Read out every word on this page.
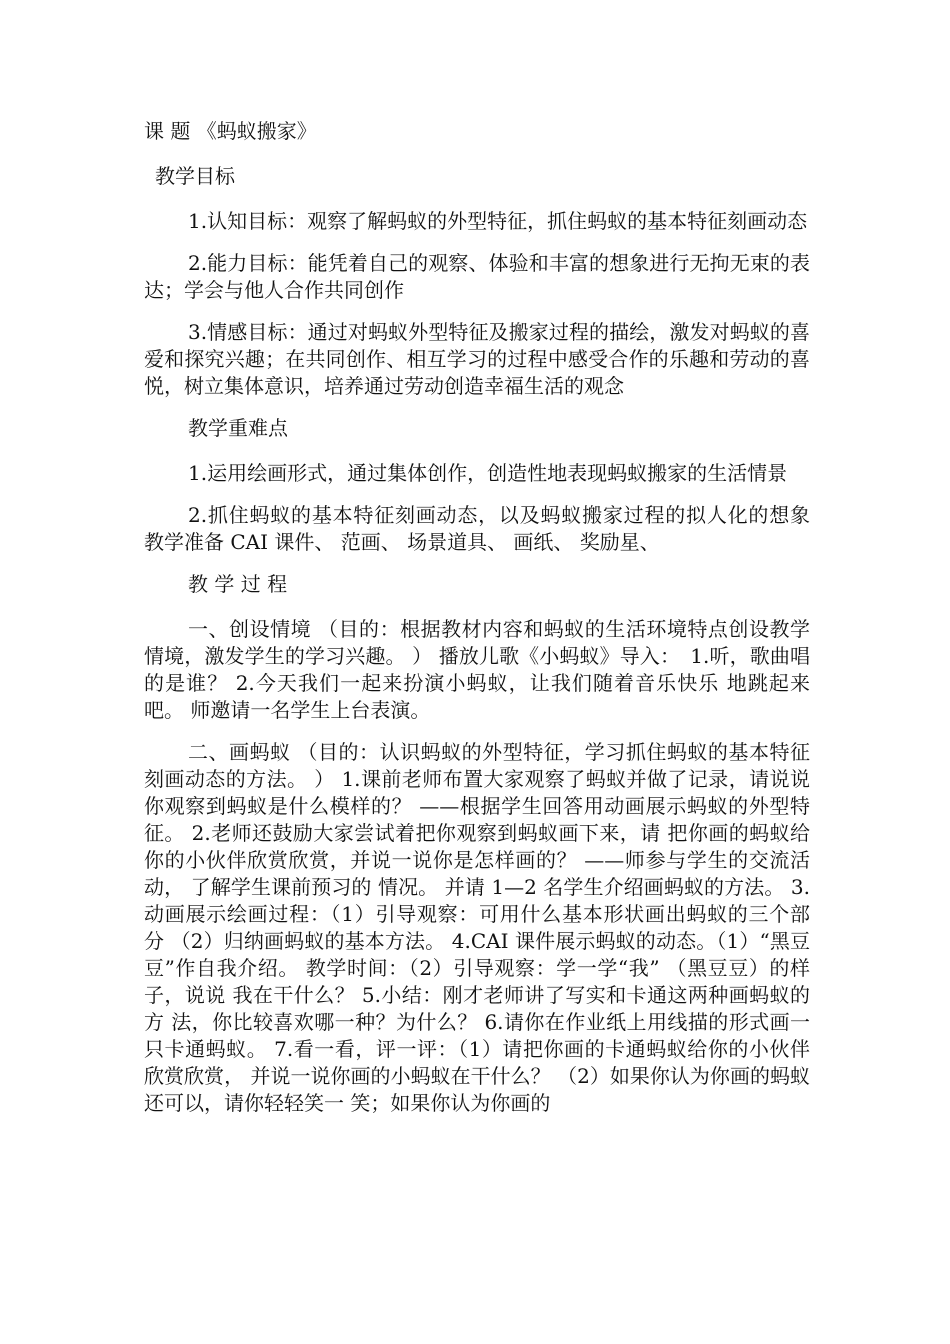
课 题 《蚂蚁搬家》

教学目标

1.认知目标：观察了解蚂蚁的外型特征，抓住蚂蚁的基本特征刻画动态

2.能力目标：能凭着自己的观察、体验和丰富的想象进行无拘无束的表达；学会与他人合作共同创作

3.情感目标：通过对蚂蚁外型特征及搬家过程的描绘，激发对蚂蚁的喜爱和探究兴趣；在共同创作、相互学习的过程中感受合作的乐趣和劳动的喜悦，树立集体意识，培养通过劳动创造幸福生活的观念

教学重难点

1.运用绘画形式，通过集体创作，创造性地表现蚂蚁搬家的生活情景

2.抓住蚂蚁的基本特征刻画动态，以及蚂蚁搬家过程的拟人化的想象 教学准备 CAI 课件、 范画、 场景道具、 画纸、 奖励星、

教 学 过 程

一、创设情境 （目的：根据教材内容和蚂蚁的生活环境特点创设教学情境，激发学生的学习兴趣。 ） 播放儿歌《小蚂蚁》导入：　1.听，歌曲唱的是谁？ 2.今天我们一起来扮演小蚂蚁，让我们随着音乐快乐 地跳起来吧。 师邀请一名学生上台表演。

二、画蚂蚁 （目的：认识蚂蚁的外型特征，学习抓住蚂蚁的基本特征刻画动态的方法。 ） 1.课前老师布置大家观察了蚂蚁并做了记录，请说说 你观察到蚂蚁是什么模样的？ ——根据学生回答用动画展示蚂蚁的外型特征。 2.老师还鼓励大家尝试着把你观察到蚂蚁画下来，请 把你画的蚂蚁给你的小伙伴欣赏欣赏，并说一说你是怎样画的？ ——师参与学生的交流活动， 了解学生课前预习的 情况。 并请 1—2 名学生介绍画蚂蚁的方法。 3.动画展示绘画过程：（1）引导观察：可用什么基本形状画出蚂蚁的三个部 分 （2）归纳画蚂蚁的基本方法。 4.CAI 课件展示蚂蚁的动态。（1）“黑豆豆”作自我介绍。 教学时间：（2）引导观察：学一学“我” （黑豆豆）的样子，说说 我在干什么？ 5.小结：刚才老师讲了写实和卡通这两种画蚂蚁的方 法，你比较喜欢哪一种？为什么？ 6.请你在作业纸上用线描的形式画一只卡通蚂蚁。 7.看一看，评一评：（1）请把你画的卡通蚂蚁给你的小伙伴欣赏欣赏， 并说一说你画的小蚂蚁在干什么？ （2）如果你认为你画的蚂蚁还可以，请你轻轻笑一 笑；如果你认为你画的
